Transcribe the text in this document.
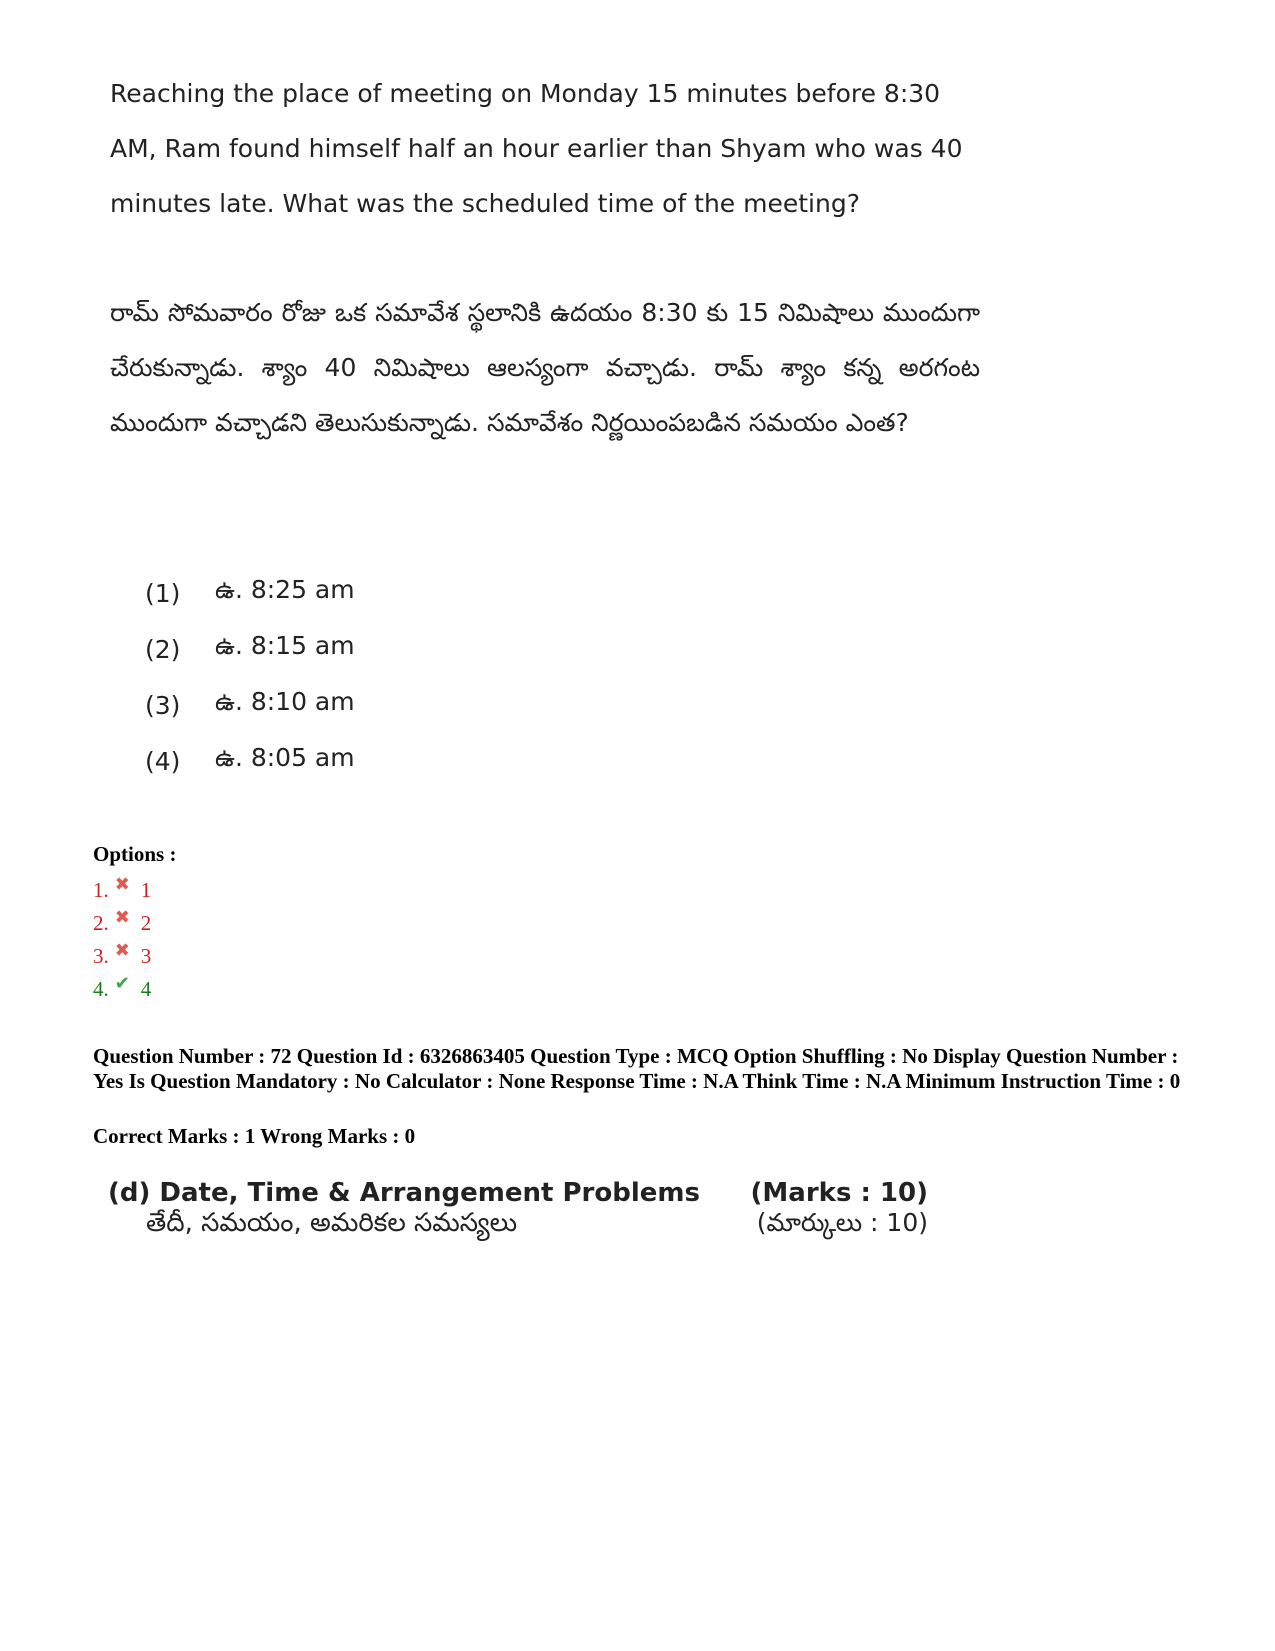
Reaching the place of meeting on Monday 15 minutes before 8:30 AM, Ram found himself half an hour earlier than Shyam who was 40 minutes late. What was the scheduled time of the meeting?
రామ్ సోమవారం రోజు ఒక సమావేశ స్థలానికి ఉదయం 8:30 కు 15 నిమిషాలు ముందుగా చేరుకున్నాడు. శ్యాం 40 నిమిషాలు ఆలస్యంగా వచ్చాడు. రామ్ శ్యాం కన్న అరగంట ముందుగా వచ్చాడని తెలుసుకున్నాడు. సమావేశం నిర్ణయింపబడిన సమయం ఎంత?
(1)	ఉ. 8:25 am
(2)	ఉ. 8:15 am
(3)	ఉ. 8:10 am
(4)	ఉ. 8:05 am
Options :
1. ✖ 1
2. ✖ 2
3. ✖ 3
4. ✔ 4
Question Number : 72 Question Id : 6326863405 Question Type : MCQ Option Shuffling : No Display Question Number : Yes Is Question Mandatory : No Calculator : None Response Time : N.A Think Time : N.A Minimum Instruction Time : 0
Correct Marks : 1 Wrong Marks : 0
(d) Date, Time & Arrangement Problems (Marks : 10)
తేదీ, సమయం, అమరికల సమస్యలు	(మార్కులు : 10)
